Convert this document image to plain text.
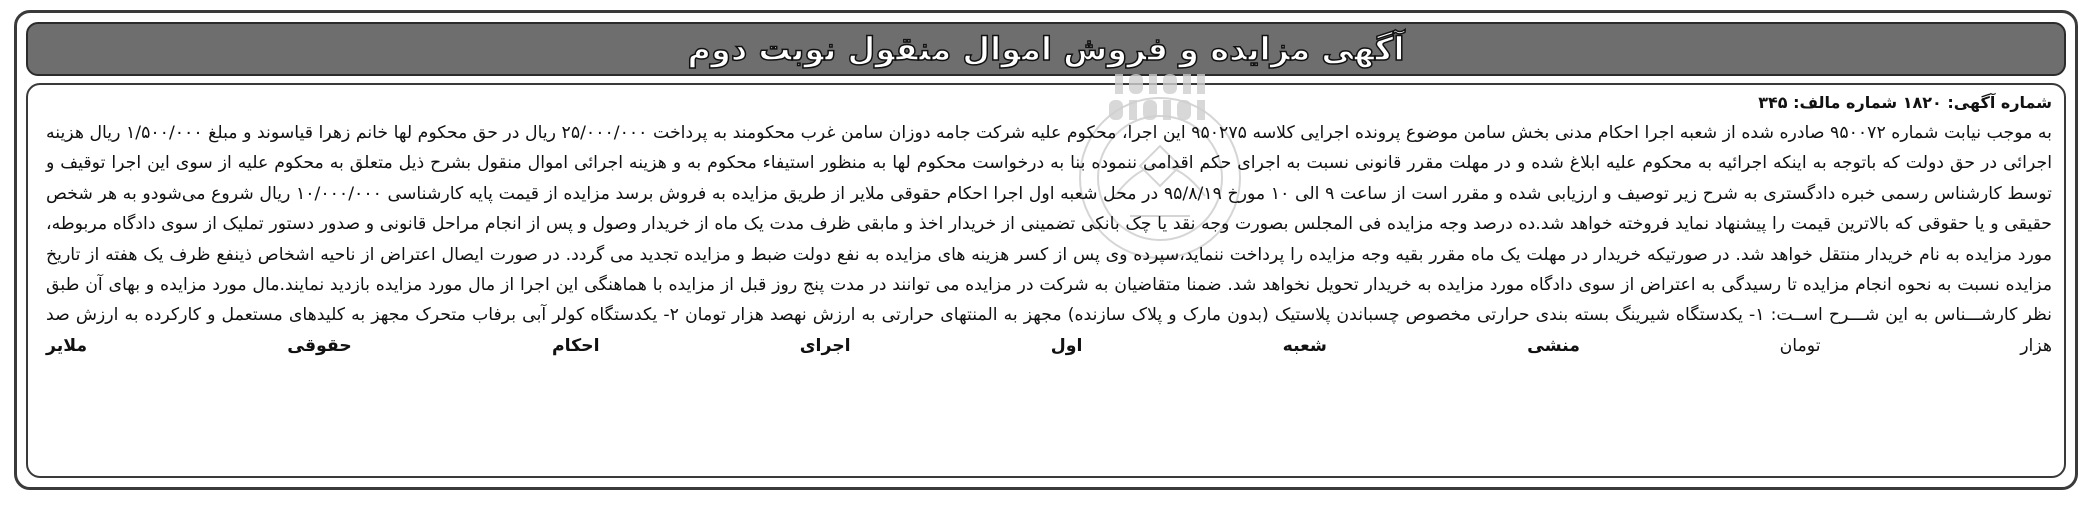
آگهی مزایده و فروش اموال منقول نوبت دوم

شماره آگهی: ۱۸۲۰ شماره مالف: ۳۴۵

به موجب نیابت شماره ۹۵۰۰۷۲ صادره شده از شعبه اجرا احکام مدنی بخش سامن موضوع پرونده اجرایی کلاسه ۹۵۰۲۷۵ این اجرا، محکوم علیه شرکت جامه دوزان سامن غرب محکومند به پرداخت ۲۵/۰۰۰/۰۰۰ ریال در حق محکوم لها خانم زهرا قیاسوند و مبلغ ۱/۵۰۰/۰۰۰ ریال هزینه اجرائی در حق دولت که باتوجه به اینکه اجرائیه به محکوم علیه ابلاغ شده و در مهلت مقرر قانونی نسبت به اجرای حکم اقدامی ننموده بنا به درخواست محکوم لها به منظور استیفاء محکوم به و هزینه اجرائی اموال منقول بشرح ذیل متعلق به محکوم علیه از سوی این اجرا توقیف و توسط کارشناس رسمی خبره دادگستری به شرح زیر توصیف و ارزیابی شده و مقرر است از ساعت ۹ الی ۱۰ مورخ ۹۵/۸/۱۹ در محل شعبه اول اجرا احکام حقوقی ملایر از طریق مزایده به فروش برسد مزایده از قیمت پایه کارشناسی ۱۰/۰۰۰/۰۰۰ ریال شروع می‌شودو به هر شخص حقیقی و یا حقوقی که بالاترین قیمت را پیشنهاد نماید فروخته خواهد شد.ده درصد وجه مزایده فی المجلس بصورت وجه نقد یا چک بانکی تضمینی از خریدار اخذ و مابقی ظرف مدت یک ماه از خریدار وصول و پس از انجام مراحل قانونی و صدور دستور تملیک از سوی دادگاه مربوطه، مورد مزایده به نام خریدار منتقل خواهد شد. در صورتیکه خریدار در مهلت یک ماه مقرر بقیه وجه مزایده را پرداخت ننماید،سپرده وی پس از کسر هزینه های مزایده به نفع دولت ضبط و مزایده تجدید می گردد. در صورت ایصال اعتراض از ناحیه اشخاص ذینفع ظرف یک هفته از تاریخ مزایده نسبت به نحوه انجام مزایده تا رسیدگی به اعتراض از سوی دادگاه مورد مزایده به خریدار تحویل نخواهد شد. ضمنا متقاضیان به شرکت در مزایده می توانند در مدت پنج روز قبل از مزایده با هماهنگی این اجرا از مال مورد مزایده بازدید نمایند.مال مورد مزایده و بهای آن طبق نظر کارشـــناس به این شـــرح اســت: ۱- یکدستگاه شیرینگ بسته بندی حرارتی مخصوص چسباندن پلاستیک (بدون مارک و پلاک سازنده) مجهز به المنتهای حرارتی به ارزش نهصد هزار تومان ۲- یکدستگاه کولر آبی برفاب متحرک مجهز به کلیدهای مستعمل و کارکرده به ارزش صد هزار تومان منشی شعبه اول اجرای احکام حقوقی ملایر
